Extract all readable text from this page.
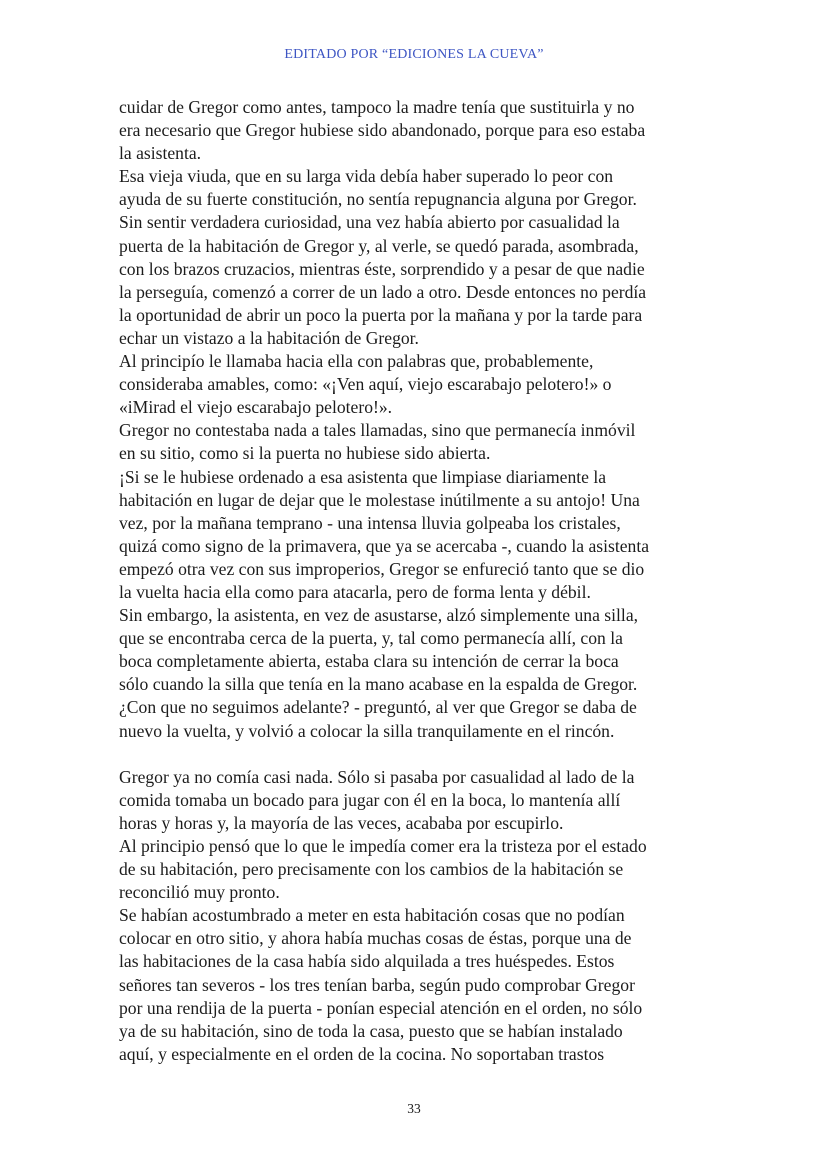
EDITADO POR “EDICIONES LA CUEVA”
cuidar de Gregor como antes, tampoco la madre tenía que sustituirla y no
era necesario que Gregor hubiese sido abandonado, porque para eso estaba
la asistenta.
Esa vieja viuda, que en su larga vida debía haber superado lo peor con
ayuda de su fuerte constitución, no sentía repugnancia alguna por Gregor.
Sin sentir verdadera curiosidad, una vez había abierto por casualidad la
puerta de la habitación de Gregor y, al verle, se quedó parada, asombrada,
con los brazos cruzacios, mientras éste, sorprendido y a pesar de que nadie
la perseguía, comenzó a correr de un lado a otro. Desde entonces no perdía
la oportunidad de abrir un poco la puerta por la mañana y por la tarde para
echar un vistazo a la habitación de Gregor.
Al principío le llamaba hacia ella con palabras que, probablemente,
consideraba amables, como: «¡Ven aquí, viejo escarabajo pelotero!» o
«iMirad el viejo escarabajo pelotero!».
Gregor no contestaba nada a tales llamadas, sino que permanecía inmóvil
en su sitio, como si la puerta no hubiese sido abierta.
¡Si se le hubiese ordenado a esa asistenta que limpiase diariamente la
habitación en lugar de dejar que le molestase inútilmente a su antojo! Una
vez, por la mañana temprano - una intensa lluvia golpeaba los cristales,
quizá como signo de la primavera, que ya se acercaba -, cuando la asistenta
empezó otra vez con sus improperios, Gregor se enfureció tanto que se dio
la vuelta hacia ella como para atacarla, pero de forma lenta y débil.
Sin embargo, la asistenta, en vez de asustarse, alzó simplemente una silla,
que se encontraba cerca de la puerta, y, tal como permanecía allí, con la
boca completamente abierta, estaba clara su intención de cerrar la boca
sólo cuando la silla que tenía en la mano acabase en la espalda de Gregor.
¿Con que no seguimos adelante? - preguntó, al ver que Gregor se daba de
nuevo la vuelta, y volvió a colocar la silla tranquilamente en el rincón.
Gregor ya no comía casi nada. Sólo si pasaba por casualidad al lado de la
comida tomaba un bocado para jugar con él en la boca, lo mantenía allí
horas y horas y, la mayoría de las veces, acababa por escupirlo.
Al principio pensó que lo que le impedía comer era la tristeza por el estado
de su habitación, pero precisamente con los cambios de la habitación se
reconcilió muy pronto.
Se habían acostumbrado a meter en esta habitación cosas que no podían
colocar en otro sitio, y ahora había muchas cosas de éstas, porque una de
las habitaciones de la casa había sido alquilada a tres huéspedes. Estos
señores tan severos - los tres tenían barba, según pudo comprobar Gregor
por una rendija de la puerta - ponían especial atención en el orden, no sólo
ya de su habitación, sino de toda la casa, puesto que se habían instalado
aquí, y especialmente en el orden de la cocina. No soportaban trastos
33
